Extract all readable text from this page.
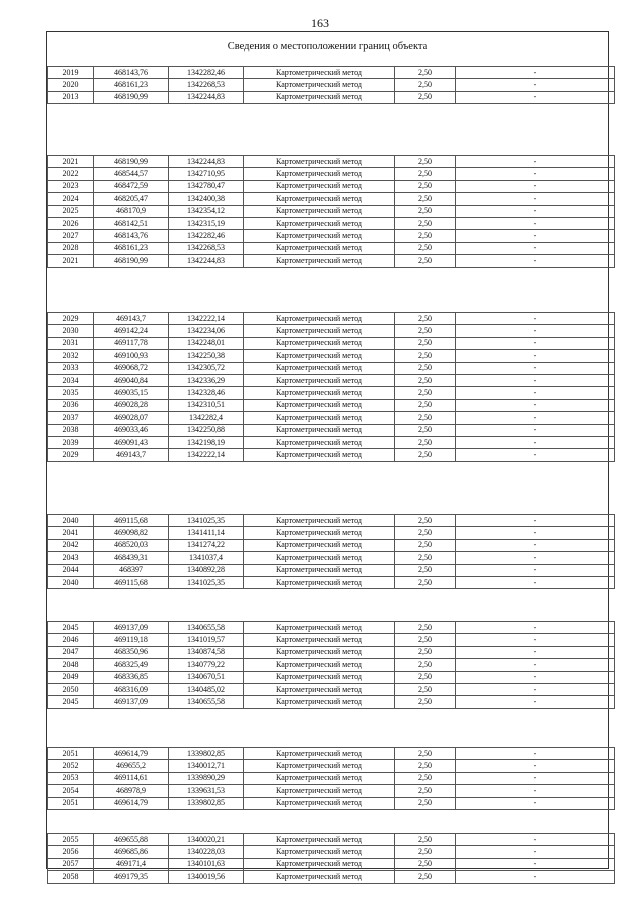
163
Сведения о местоположении границ объекта
2019	468143,76	1342282,46	Картометрический метод	2,50	-
2020	468161,23	1342268,53	Картометрический метод	2,50	-
2013	468190,99	1342244,83	Картометрический метод	2,50	-
2021	468190,99	1342244,83	Картометрический метод	2,50	-
2022	468544,57	1342710,95	Картометрический метод	2,50	-
2023	468472,59	1342780,47	Картометрический метод	2,50	-
2024	468205,47	1342400,38	Картометрический метод	2,50	-
2025	468170,9	1342354,12	Картометрический метод	2,50	-
2026	468142,51	1342315,19	Картометрический метод	2,50	-
2027	468143,76	1342282,46	Картометрический метод	2,50	-
2028	468161,23	1342268,53	Картометрический метод	2,50	-
2021	468190,99	1342244,83	Картометрический метод	2,50	-
2029	469143,7	1342222,14	Картометрический метод	2,50	-
2030	469142,24	1342234,06	Картометрический метод	2,50	-
2031	469117,78	1342248,01	Картометрический метод	2,50	-
2032	469100,93	1342250,38	Картометрический метод	2,50	-
2033	469068,72	1342305,72	Картометрический метод	2,50	-
2034	469040,84	1342336,29	Картометрический метод	2,50	-
2035	469035,15	1342328,46	Картометрический метод	2,50	-
2036	469028,28	1342310,51	Картометрический метод	2,50	-
2037	469028,07	1342282,4	Картометрический метод	2,50	-
2038	469033,46	1342250,88	Картометрический метод	2,50	-
2039	469091,43	1342198,19	Картометрический метод	2,50	-
2029	469143,7	1342222,14	Картометрический метод	2,50	-
2040	469115,68	1341025,35	Картометрический метод	2,50	-
2041	469098,82	1341411,14	Картометрический метод	2,50	-
2042	468520,03	1341274,22	Картометрический метод	2,50	-
2043	468439,31	1341037,4	Картометрический метод	2,50	-
2044	468397	1340892,28	Картометрический метод	2,50	-
2040	469115,68	1341025,35	Картометрический метод	2,50	-
2045	469137,09	1340655,58	Картометрический метод	2,50	-
2046	469119,18	1341019,57	Картометрический метод	2,50	-
2047	468350,96	1340874,58	Картометрический метод	2,50	-
2048	468325,49	1340779,22	Картометрический метод	2,50	-
2049	468336,85	1340670,51	Картометрический метод	2,50	-
2050	468316,09	1340485,02	Картометрический метод	2,50	-
2045	469137,09	1340655,58	Картометрический метод	2,50	-
2051	469614,79	1339802,85	Картометрический метод	2,50	-
2052	469655,2	1340012,71	Картометрический метод	2,50	-
2053	469114,61	1339890,29	Картометрический метод	2,50	-
2054	468978,9	1339631,53	Картометрический метод	2,50	-
2051	469614,79	1339802,85	Картометрический метод	2,50	-
2055	469655,88	1340020,21	Картометрический метод	2,50	-
2056	469685,86	1340228,03	Картометрический метод	2,50	-
2057	469171,4	1340101,63	Картометрический метод	2,50	-
2058	469179,35	1340019,56	Картометрический метод	2,50	-
